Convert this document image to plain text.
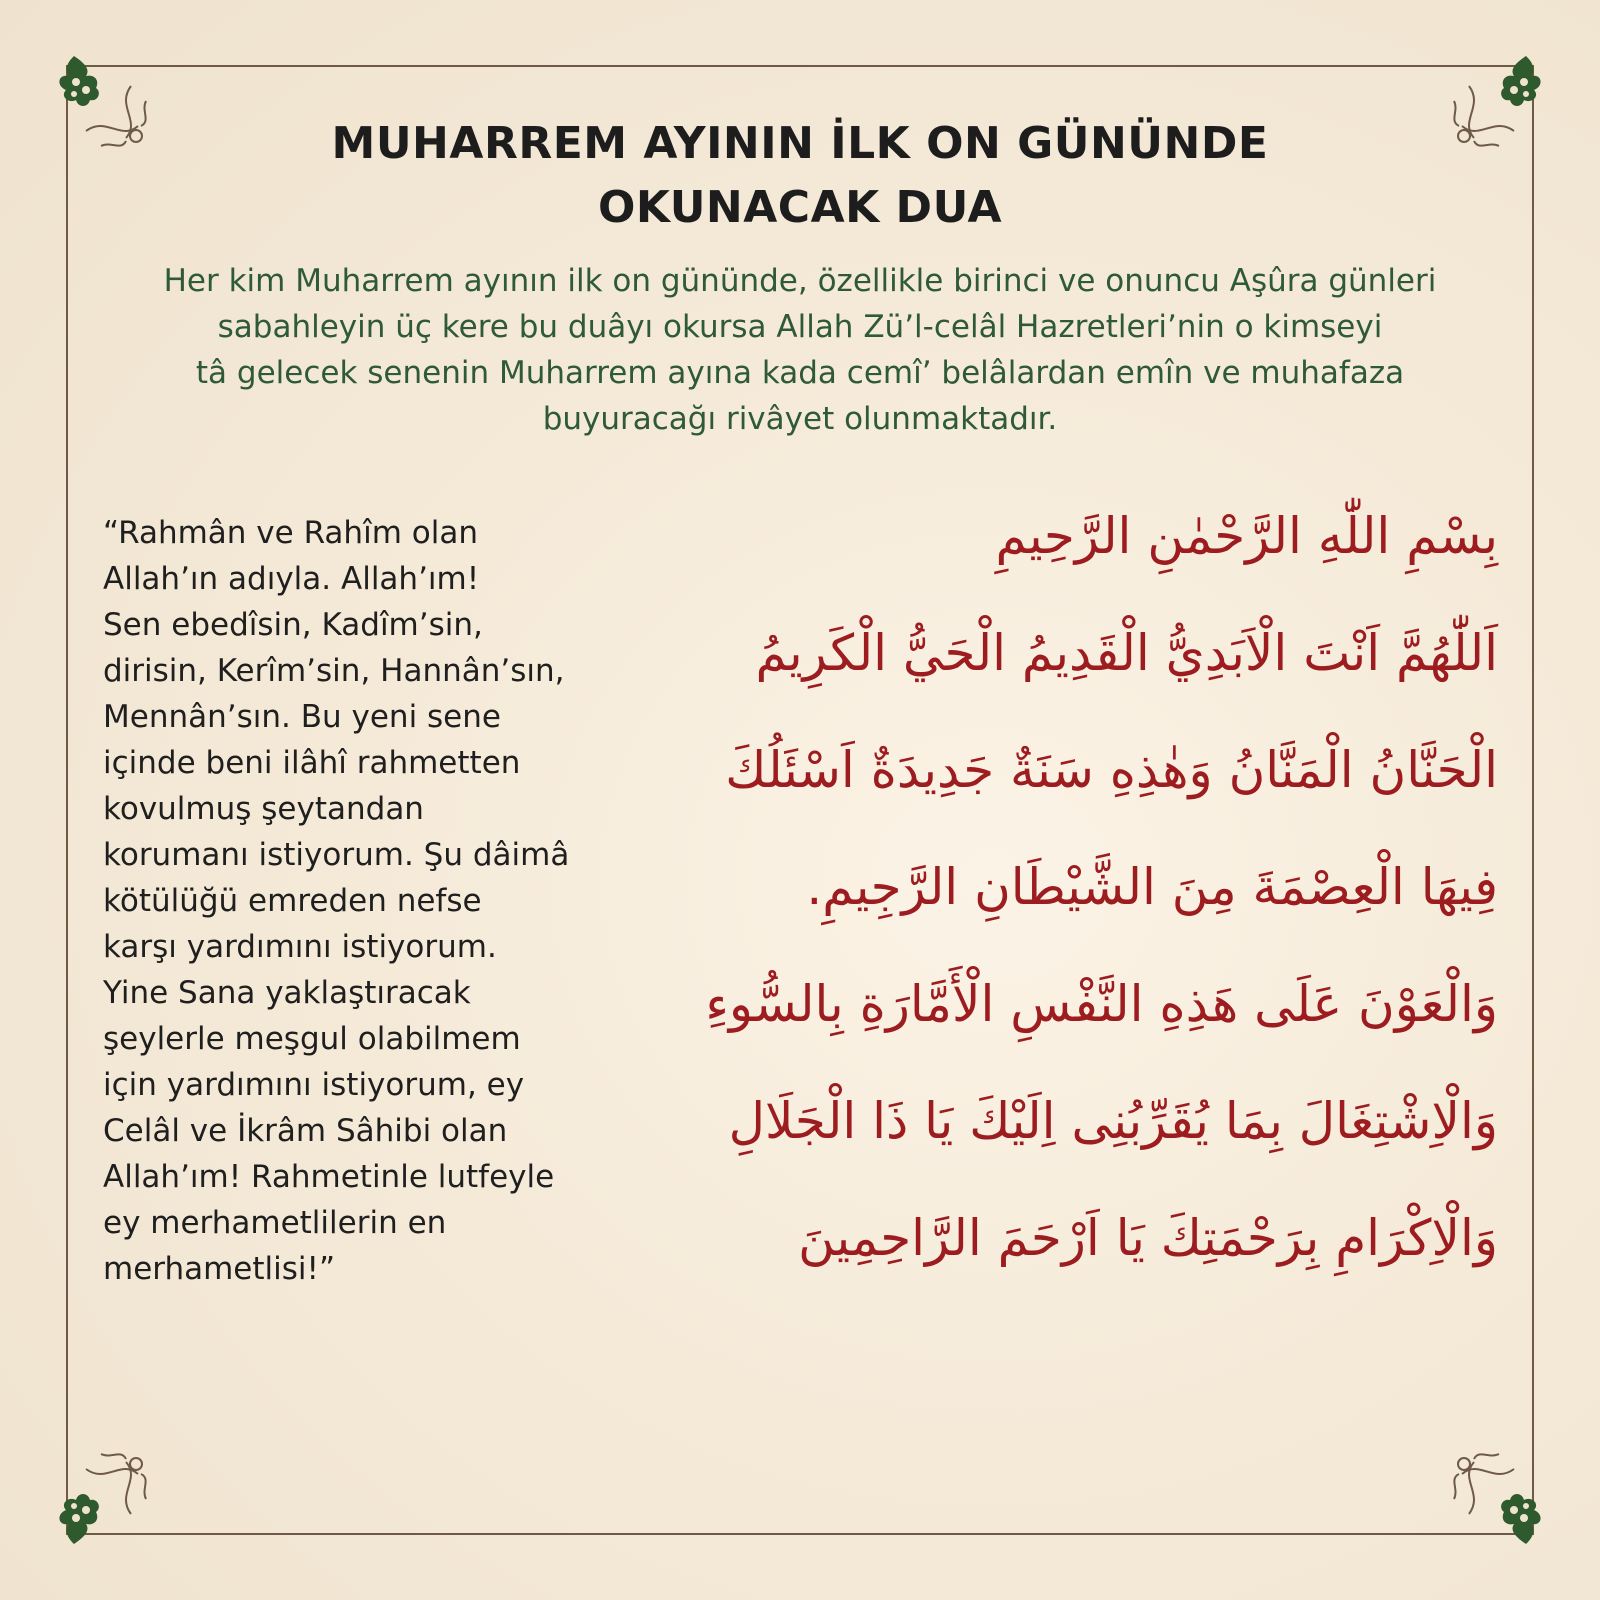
MUHARREM AYININ İLK ON GÜNÜNDE
OKUNACAK DUA
Her kim Muharrem ayının ilk on gününde, özellikle birinci ve onuncu Aşûra günleri
sabahleyin üç kere bu duâyı okursa Allah Zü’l-celâl Hazretleri’nin o kimseyi
tâ gelecek senenin Muharrem ayına kada cemî’ belâlardan emîn ve muhafaza
buyuracağı rivâyet olunmaktadır.
“Rahmân ve Rahîm olan
Allah’ın adıyla. Allah’ım!
Sen ebedîsin, Kadîm’sin,
dirisin, Kerîm’sin, Hannân’sın,
Mennân’sın. Bu yeni sene
içinde beni ilâhî rahmetten
kovulmuş şeytandan
korumanı istiyorum. Şu dâimâ
kötülüğü emreden nefse
karşı yardımını istiyorum.
Yine Sana yaklaştıracak
şeylerle meşgul olabilmem
için yardımını istiyorum, ey
Celâl ve İkrâm Sâhibi olan
Allah’ım! Rahmetinle lutfeyle
ey merhametlilerin en
merhametlisi!”
بِسْمِ اللّٰهِ الرَّحْمٰنِ الرَّحِيمِ
اَللّٰهُمَّ اَنْتَ الْاَبَدِيُّ الْقَدِيمُ الْحَيُّ الْكَرِيمُ
الْحَنَّانُ الْمَنَّانُ وَهٰذِهِ سَنَةٌ جَدِيدَةٌ اَسْئَلُكَ
فِيهَا الْعِصْمَةَ مِنَ الشَّيْطَانِ الرَّجِيمِ.
وَالْعَوْنَ عَلَى هَذِهِ النَّفْسِ الْأَمَّارَةِ بِالسُّوءِ
وَالْاِشْتِغَالَ بِمَا يُقَرِّبُنِى اِلَيْكَ يَا ذَا الْجَلَالِ
وَالْاِكْرَامِ بِرَحْمَتِكَ يَا اَرْحَمَ الرَّاحِمِينَ
